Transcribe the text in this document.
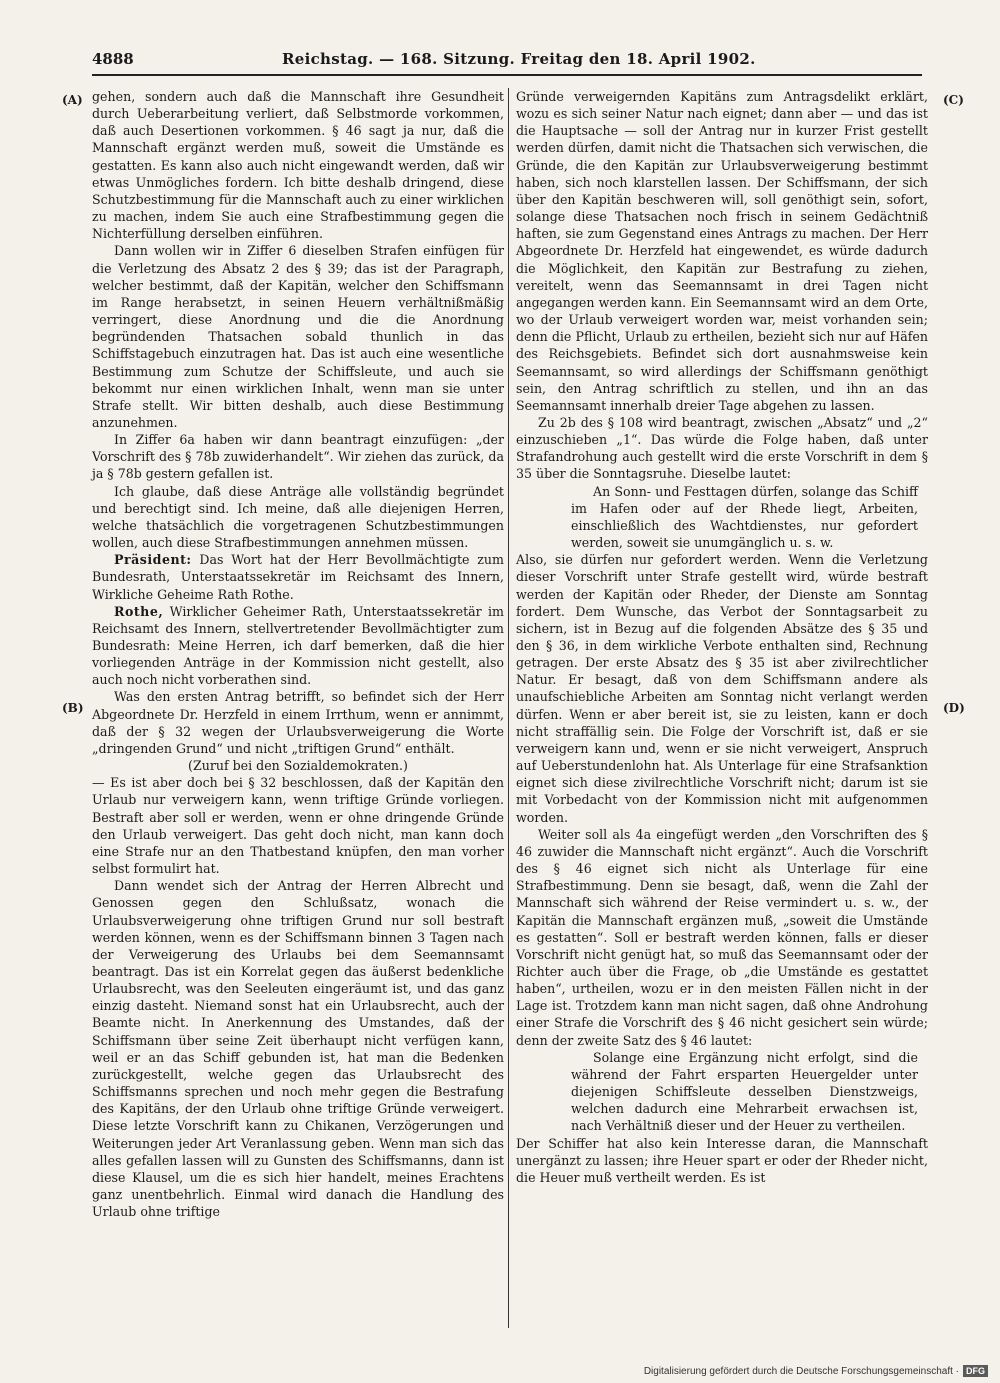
4888	Reichstag. — 168. Sitzung. Freitag den 18. April 1902.
(A)
(B)
(C)
(D)

gehen, sondern auch daß die Mannschaft ihre Gesundheit durch Ueberarbeitung verliert, daß Selbstmorde vorkommen, daß auch Desertionen vorkommen. § 46 sagt ja nur, daß die Mannschaft ergänzt werden muß, soweit die Umstände es gestatten. Es kann also auch nicht eingewandt werden, daß wir etwas Unmögliches fordern. Ich bitte deshalb dringend, diese Schutzbestimmung für die Mannschaft auch zu einer wirklichen zu machen, indem Sie auch eine Strafbestimmung gegen die Nichterfüllung derselben einführen.

Dann wollen wir in Ziffer 6 dieselben Strafen einfügen für die Verletzung des Absatz 2 des § 39; das ist der Paragraph, welcher bestimmt, daß der Kapitän, welcher den Schiffsmann im Range herabsetzt, in seinen Heuern verhältnißmäßig verringert, diese Anordnung und die die Anordnung begründenden Thatsachen sobald thunlich in das Schiffstagebuch einzutragen hat. Das ist auch eine wesentliche Bestimmung zum Schutze der Schiffsleute, und auch sie bekommt nur einen wirklichen Inhalt, wenn man sie unter Strafe stellt. Wir bitten deshalb, auch diese Bestimmung anzunehmen.

In Ziffer 6a haben wir dann beantragt einzufügen: „der Vorschrift des § 78b zuwiderhandelt“. Wir ziehen das zurück, da ja § 78b gestern gefallen ist.

Ich glaube, daß diese Anträge alle vollständig begründet und berechtigt sind. Ich meine, daß alle diejenigen Herren, welche thatsächlich die vorgetragenen Schutzbestimmungen wollen, auch diese Strafbestimmungen annehmen müssen.

Präsident: Das Wort hat der Herr Bevollmächtigte zum Bundesrath, Unterstaatssekretär im Reichsamt des Innern, Wirkliche Geheime Rath Rothe.

Rothe, Wirklicher Geheimer Rath, Unterstaatssekretär im Reichsamt des Innern, stellvertretender Bevollmächtigter zum Bundesrath: Meine Herren, ich darf bemerken, daß die hier vorliegenden Anträge in der Kommission nicht gestellt, also auch noch nicht vorberathen sind.

Was den ersten Antrag betrifft, so befindet sich der Herr Abgeordnete Dr. Herzfeld in einem Irrthum, wenn er annimmt, daß der § 32 wegen der Urlaubsverweigerung die Worte „dringenden Grund“ und nicht „triftigen Grund“ enthält.

(Zuruf bei den Sozialdemokraten.)

— Es ist aber doch bei § 32 beschlossen, daß der Kapitän den Urlaub nur verweigern kann, wenn triftige Gründe vorliegen. Bestraft aber soll er werden, wenn er ohne dringende Gründe den Urlaub verweigert. Das geht doch nicht, man kann doch eine Strafe nur an den Thatbestand knüpfen, den man vorher selbst formulirt hat.

Dann wendet sich der Antrag der Herren Albrecht und Genossen gegen den Schlußsatz, wonach die Urlaubsverweigerung ohne triftigen Grund nur soll bestraft werden können, wenn es der Schiffsmann binnen 3 Tagen nach der Verweigerung des Urlaubs bei dem Seemannsamt beantragt. Das ist ein Korrelat gegen das äußerst bedenkliche Urlaubsrecht, was den Seeleuten eingeräumt ist, und das ganz einzig dasteht. Niemand sonst hat ein Urlaubsrecht, auch der Beamte nicht. In Anerkennung des Umstandes, daß der Schiffsmann über seine Zeit überhaupt nicht verfügen kann, weil er an das Schiff gebunden ist, hat man die Bedenken zurückgestellt, welche gegen das Urlaubsrecht des Schiffsmanns sprechen und noch mehr gegen die Bestrafung des Kapitäns, der den Urlaub ohne triftige Gründe verweigert. Diese letzte Vorschrift kann zu Chikanen, Verzögerungen und Weiterungen jeder Art Veranlassung geben. Wenn man sich das alles gefallen lassen will zu Gunsten des Schiffsmanns, dann ist diese Klausel, um die es sich hier handelt, meines Erachtens ganz unentbehrlich. Einmal wird danach die Handlung des Urlaub ohne triftige

Gründe verweigernden Kapitäns zum Antragsdelikt erklärt, wozu es sich seiner Natur nach eignet; dann aber — und das ist die Hauptsache — soll der Antrag nur in kurzer Frist gestellt werden dürfen, damit nicht die Thatsachen sich verwischen, die Gründe, die den Kapitän zur Urlaubsverweigerung bestimmt haben, sich noch klarstellen lassen. Der Schiffsmann, der sich über den Kapitän beschweren will, soll genöthigt sein, sofort, solange diese Thatsachen noch frisch in seinem Gedächtniß haften, sie zum Gegenstand eines Antrags zu machen. Der Herr Abgeordnete Dr. Herzfeld hat eingewendet, es würde dadurch die Möglichkeit, den Kapitän zur Bestrafung zu ziehen, vereitelt, wenn das Seemannsamt in drei Tagen nicht angegangen werden kann. Ein Seemannsamt wird an dem Orte, wo der Urlaub verweigert worden war, meist vorhanden sein; denn die Pflicht, Urlaub zu ertheilen, bezieht sich nur auf Häfen des Reichsgebiets. Befindet sich dort ausnahmsweise kein Seemannsamt, so wird allerdings der Schiffsmann genöthigt sein, den Antrag schriftlich zu stellen, und ihn an das Seemannsamt innerhalb dreier Tage abgehen zu lassen.

Zu 2b des § 108 wird beantragt, zwischen „Absatz“ und „2“ einzuschieben „1“. Das würde die Folge haben, daß unter Strafandrohung auch gestellt wird die erste Vorschrift in dem § 35 über die Sonntagsruhe. Dieselbe lautet:

An Sonn- und Festtagen dürfen, solange das Schiff im Hafen oder auf der Rhede liegt, Arbeiten, einschließlich des Wachtdienstes, nur gefordert werden, soweit sie unumgänglich u. s. w.

Also, sie dürfen nur gefordert werden. Wenn die Verletzung dieser Vorschrift unter Strafe gestellt wird, würde bestraft werden der Kapitän oder Rheder, der Dienste am Sonntag fordert. Dem Wunsche, das Verbot der Sonntagsarbeit zu sichern, ist in Bezug auf die folgenden Absätze des § 35 und den § 36, in dem wirkliche Verbote enthalten sind, Rechnung getragen. Der erste Absatz des § 35 ist aber zivilrechtlicher Natur. Er besagt, daß von dem Schiffsmann andere als unaufschiebliche Arbeiten am Sonntag nicht verlangt werden dürfen. Wenn er aber bereit ist, sie zu leisten, kann er doch nicht straffällig sein. Die Folge der Vorschrift ist, daß er sie verweigern kann und, wenn er sie nicht verweigert, Anspruch auf Ueberstundenlohn hat. Als Unterlage für eine Strafsanktion eignet sich diese zivilrechtliche Vorschrift nicht; darum ist sie mit Vorbedacht von der Kommission nicht mit aufgenommen worden.

Weiter soll als 4a eingefügt werden „den Vorschriften des § 46 zuwider die Mannschaft nicht ergänzt“. Auch die Vorschrift des § 46 eignet sich nicht als Unterlage für eine Strafbestimmung. Denn sie besagt, daß, wenn die Zahl der Mannschaft sich während der Reise vermindert u. s. w., der Kapitän die Mannschaft ergänzen muß, „soweit die Umstände es gestatten“. Soll er bestraft werden können, falls er dieser Vorschrift nicht genügt hat, so muß das Seemannsamt oder der Richter auch über die Frage, ob „die Umstände es gestattet haben“, urtheilen, wozu er in den meisten Fällen nicht in der Lage ist. Trotzdem kann man nicht sagen, daß ohne Androhung einer Strafe die Vorschrift des § 46 nicht gesichert sein würde; denn der zweite Satz des § 46 lautet:

Solange eine Ergänzung nicht erfolgt, sind die während der Fahrt ersparten Heuergelder unter diejenigen Schiffsleute desselben Dienstzweigs, welchen dadurch eine Mehrarbeit erwachsen ist, nach Verhältniß dieser und der Heuer zu vertheilen.

Der Schiffer hat also kein Interesse daran, die Mannschaft unergänzt zu lassen; ihre Heuer spart er oder der Rheder nicht, die Heuer muß vertheilt werden. Es ist

Digitalisierung gefördert durch die Deutsche Forschungsgemeinschaft · DFG
